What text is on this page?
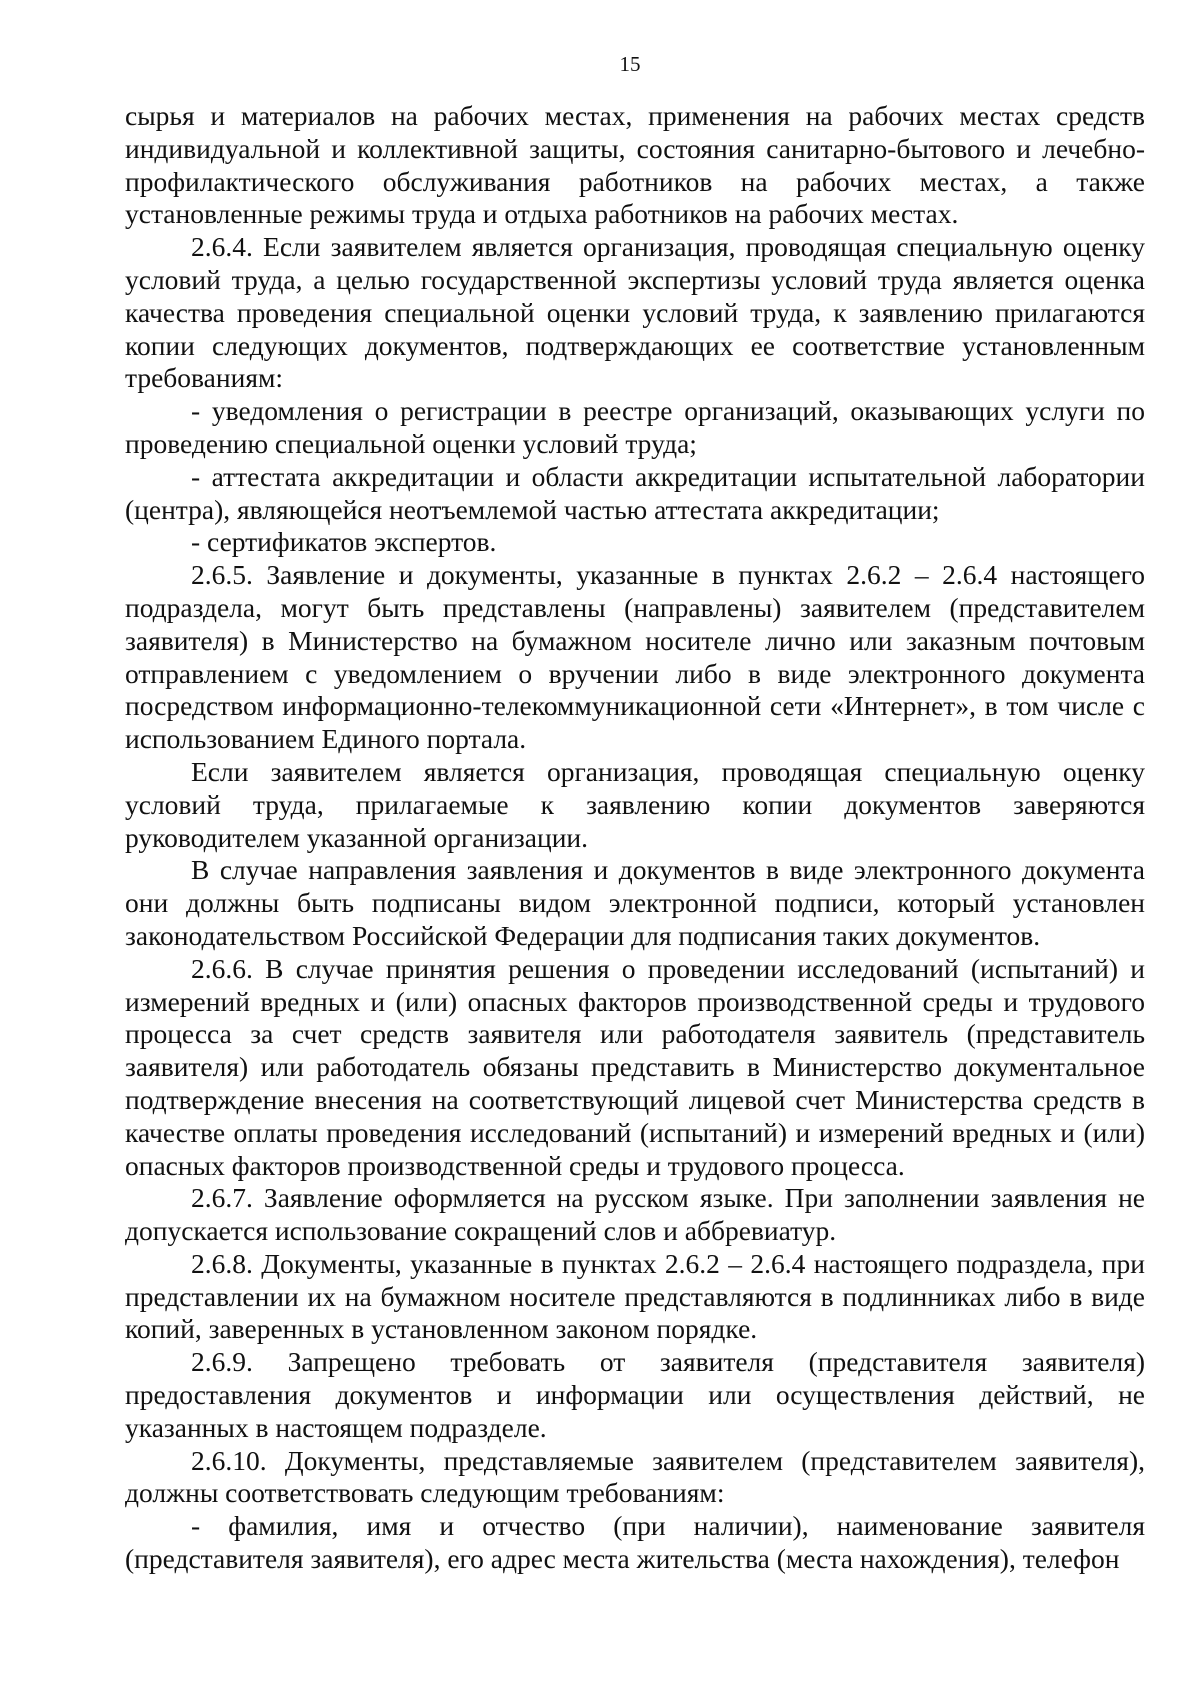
15

сырья и материалов на рабочих местах, применения на рабочих местах средств индивидуальной и коллективной защиты, состояния санитарно-бытового и лечебно-профилактического обслуживания работников на рабочих местах, а также установленные режимы труда и отдыха работников на рабочих местах.

2.6.4. Если заявителем является организация, проводящая специальную оценку условий труда, а целью государственной экспертизы условий труда является оценка качества проведения специальной оценки условий труда, к заявлению прилагаются копии следующих документов, подтверждающих ее соответствие установленным требованиям:

- уведомления о регистрации в реестре организаций, оказывающих услуги по проведению специальной оценки условий труда;

- аттестата аккредитации и области аккредитации испытательной лаборатории (центра), являющейся неотъемлемой частью аттестата аккредитации;

- сертификатов экспертов.

2.6.5. Заявление и документы, указанные в пунктах 2.6.2 – 2.6.4 настоящего подраздела, могут быть представлены (направлены) заявителем (представителем заявителя) в Министерство на бумажном носителе лично или заказным почтовым отправлением с уведомлением о вручении либо в виде электронного документа посредством информационно-телекоммуникационной сети «Интернет», в том числе с использованием Единого портала.

Если заявителем является организация, проводящая специальную оценку условий труда, прилагаемые к заявлению копии документов заверяются руководителем указанной организации.

В случае направления заявления и документов в виде электронного документа они должны быть подписаны видом электронной подписи, который установлен законодательством Российской Федерации для подписания таких документов.

2.6.6. В случае принятия решения о проведении исследований (испытаний) и измерений вредных и (или) опасных факторов производственной среды и трудового процесса за счет средств заявителя или работодателя заявитель (представитель заявителя) или работодатель обязаны представить в Министерство документальное подтверждение внесения на соответствующий лицевой счет Министерства средств в качестве оплаты проведения исследований (испытаний) и измерений вредных и (или) опасных факторов производственной среды и трудового процесса.

2.6.7. Заявление оформляется на русском языке. При заполнении заявления не допускается использование сокращений слов и аббревиатур.

2.6.8. Документы, указанные в пунктах 2.6.2 – 2.6.4 настоящего подраздела, при представлении их на бумажном носителе представляются в подлинниках либо в виде копий, заверенных в установленном законом порядке.

2.6.9. Запрещено требовать от заявителя (представителя заявителя) предоставления документов и информации или осуществления действий, не указанных в настоящем подразделе.

2.6.10. Документы, представляемые заявителем (представителем заявителя), должны соответствовать следующим требованиям:

- фамилия, имя и отчество (при наличии), наименование заявителя (представителя заявителя), его адрес места жительства (места нахождения), телефон
